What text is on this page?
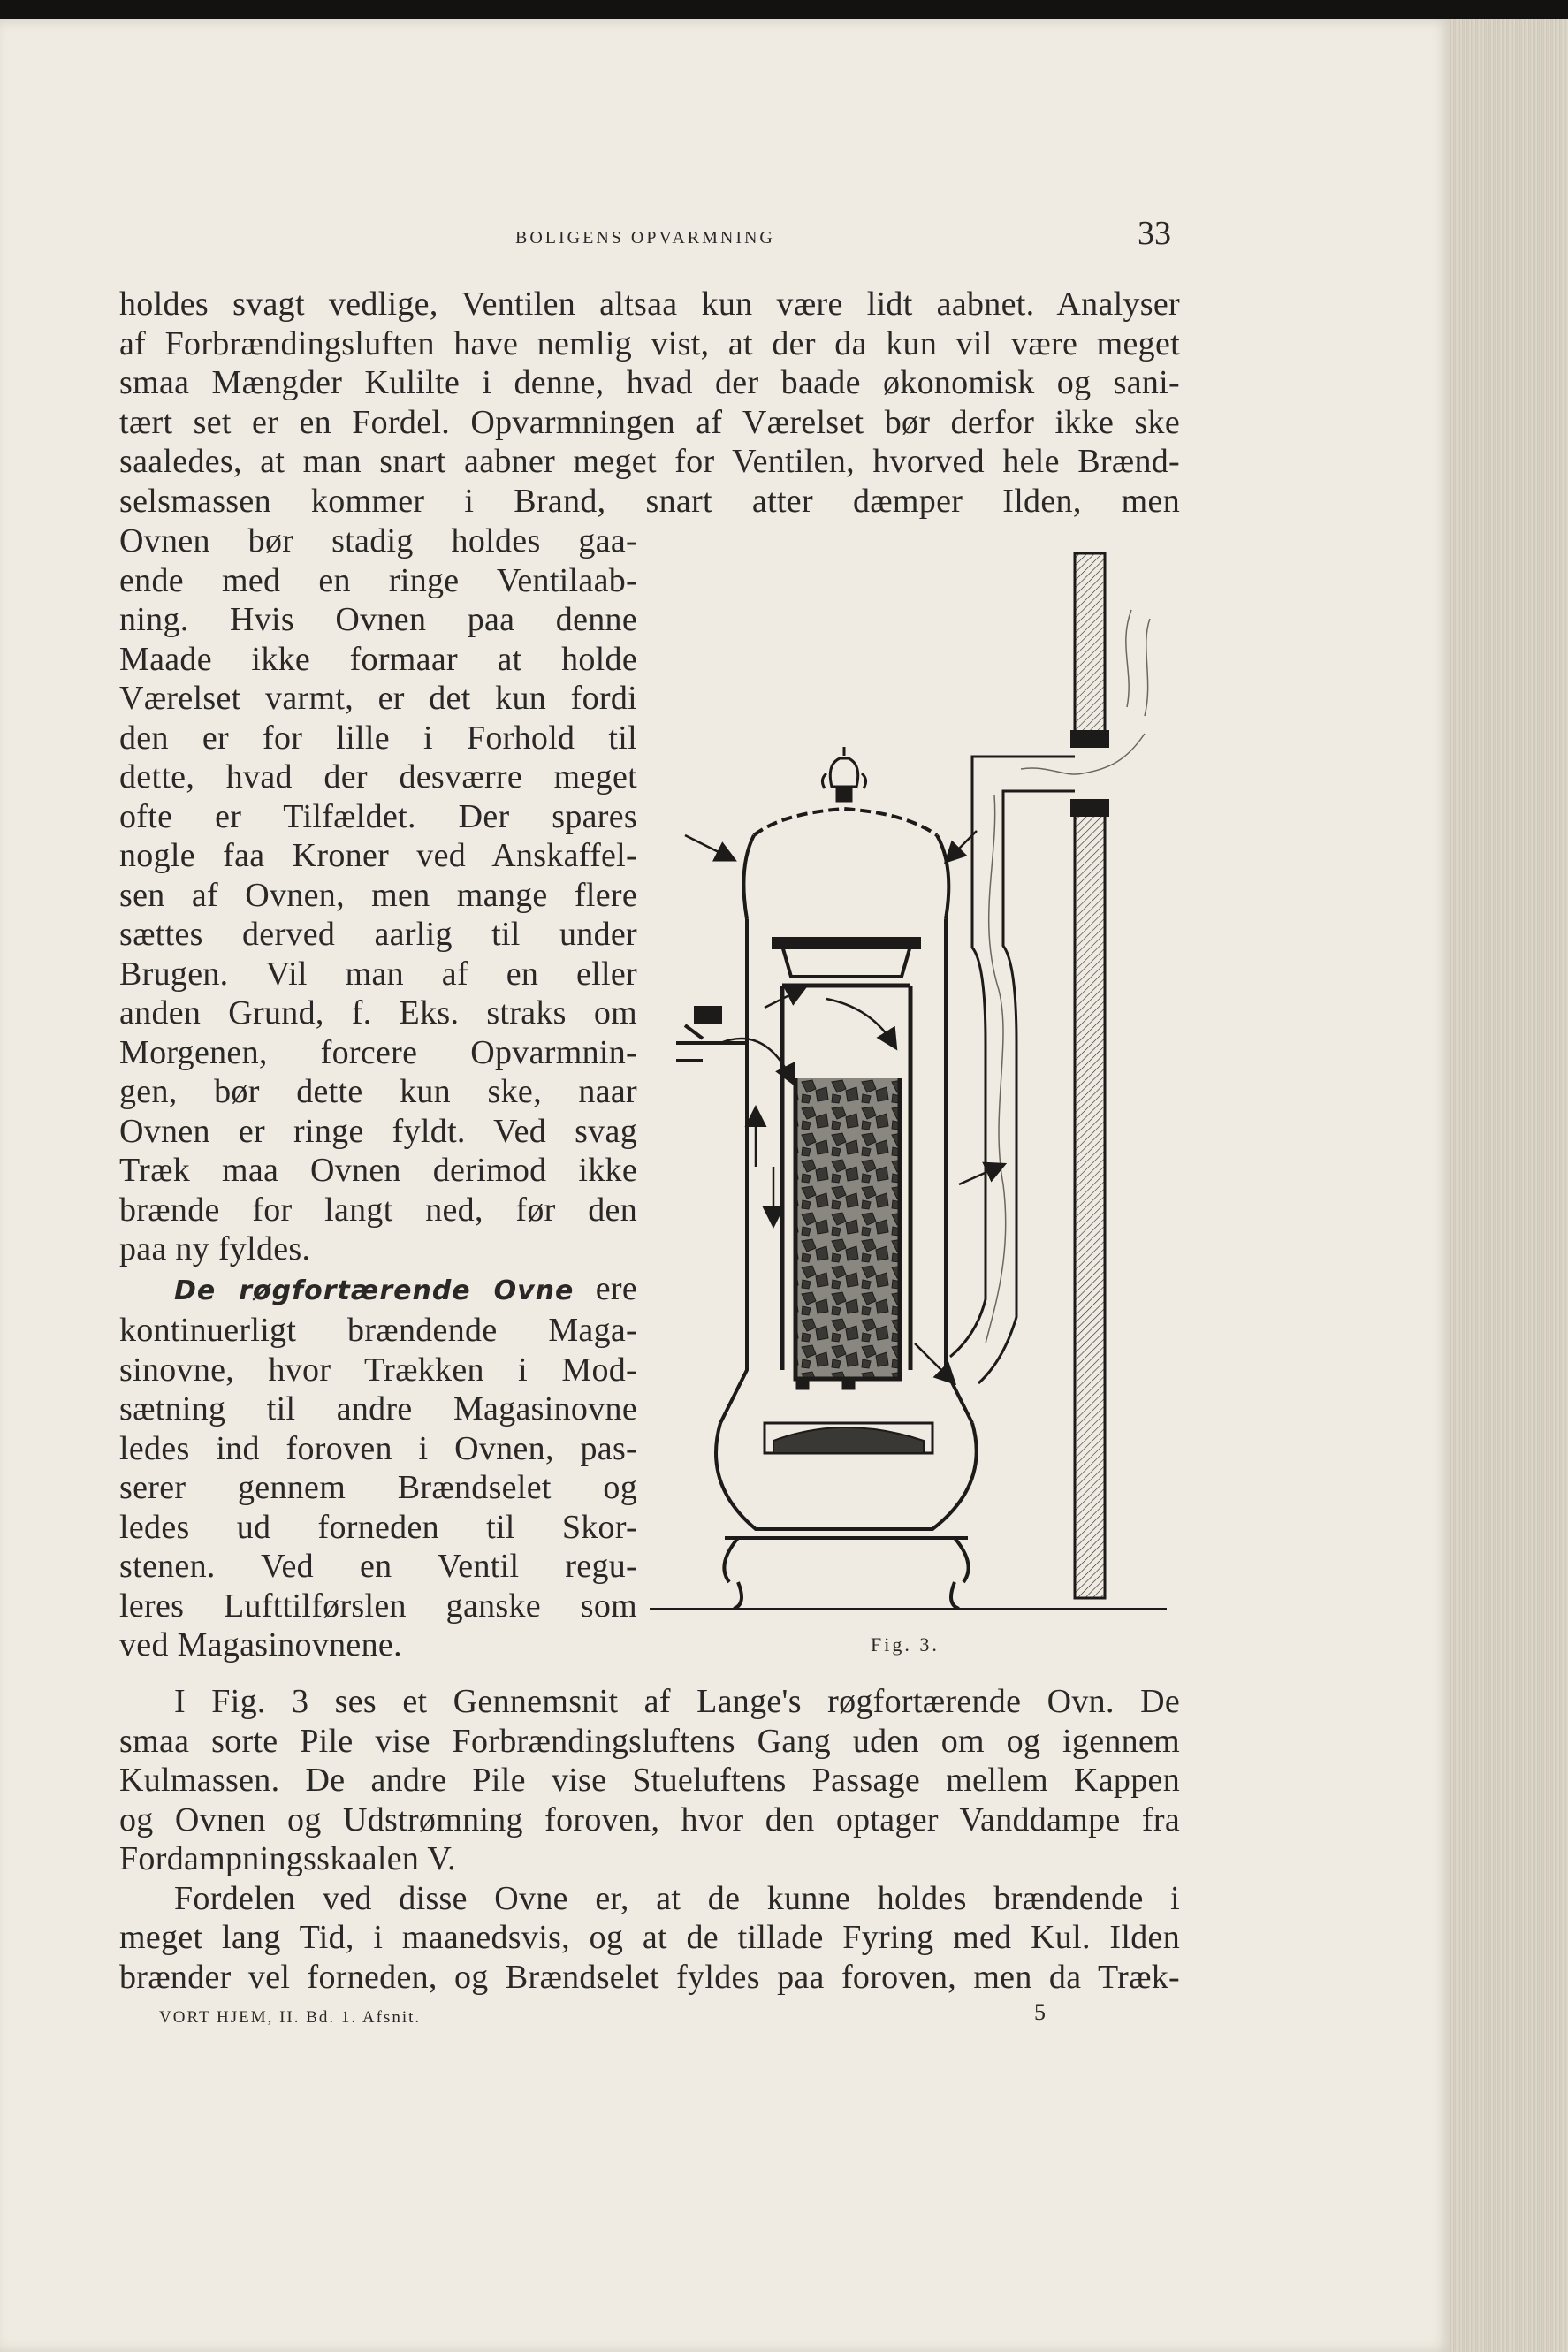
BOLIGENS OPVARMNING	33
holdes svagt vedlige, Ventilen altsaa kun være lidt aabnet. Analyser
af Forbrændingsluften have nemlig vist, at der da kun vil være meget
smaa Mængder Kulilte i denne, hvad der baade økonomisk og sani-
tært set er en Fordel. Opvarmningen af Værelset bør derfor ikke ske
saaledes, at man snart aabner meget for Ventilen, hvorved hele Brænd-
selsmassen kommer i Brand, snart atter dæmper Ilden, men
Ovnen bør stadig holdes gaa-
ende med en ringe Ventilaab-
ning. Hvis Ovnen paa denne
Maade ikke formaar at holde
Værelset varmt, er det kun fordi
den er for lille i Forhold til
dette, hvad der desværre meget
ofte er Tilfældet. Der spares
nogle faa Kroner ved Anskaffel-
sen af Ovnen, men mange flere
sættes derved aarlig til under
Brugen. Vil man af en eller
anden Grund, f. Eks. straks om
Morgenen, forcere Opvarmnin-
gen, bør dette kun ske, naar
Ovnen er ringe fyldt. Ved svag
Træk maa Ovnen derimod ikke
brænde for langt ned, før den
paa ny fyldes.
De røgfortærende Ovne ere
kontinuerligt brændende Maga-
sinovne, hvor Trækken i Mod-
sætning til andre Magasinovne
ledes ind foroven i Ovnen, pas-
serer gennem Brændselet og
ledes ud forneden til Skor-
stenen. Ved en Ventil regu-
leres Lufttilførslen ganske som
ved Magasinovnene.
I Fig. 3 ses et Gennemsnit af Lange's røgfortærende Ovn. De
smaa sorte Pile vise Forbrændingsluftens Gang uden om og igennem
Kulmassen. De andre Pile vise Stueluftens Passage mellem Kappen
og Ovnen og Udstrømning foroven, hvor den optager Vanddampe fra
Fordampningsskaalen V.
Fordelen ved disse Ovne er, at de kunne holdes brændende i
meget lang Tid, i maanedsvis, og at de tillade Fyring med Kul. Ilden
brænder vel forneden, og Brændselet fyldes paa foroven, men da Træk-
Fig. 3.
VORT HJEM, II. Bd. 1. Afsnit.	5
